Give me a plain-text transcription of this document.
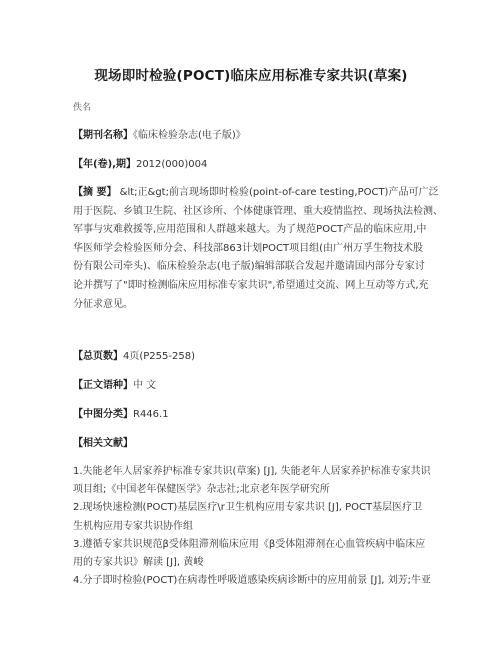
现场即时检验(POCT)临床应用标准专家共识(草案)
佚名
【期刊名称】《临床检验杂志(电子版)》
【年(卷),期】2012(000)004
【摘 要】 &lt;正&gt;前言现场即时检验(point-of-care testing,POCT)产品可广泛
用于医院、乡镇卫生院、社区诊所、个体健康管理、重大疫情监控、现场执法检测、
军事与灾难救援等,应用范围和人群越来越大。为了规范POCT产品的临床应用,中
华医师学会检验医师分会、科技部863计划POCT项目组(由广州万孚生物技术股
份有限公司牵头)、临床检验杂志(电子版)编辑部联合发起并邀请国内部分专家讨
论并撰写了"即时检测临床应用标准专家共识",希望通过交流、网上互动等方式,充
分征求意见。
【总页数】4页(P255-258)
【正文语种】中 文
【中图分类】R446.1
【相关文献】
1.失能老年人居家养护标准专家共识(草案) [J], 失能老年人居家养护标准专家共识
项目组;《中国老年保健医学》杂志社;北京老年医学研究所
2.现场快速检测(POCT)基层医疗\r卫生机构应用专家共识 [J], POCT基层医疗卫
生机构应用专家共识协作组
3.遵循专家共识规范β受体阻滞剂临床应用《β受体阻滞剂在心血管疾病中临床应
用的专家共识》解读 [J], 黄峻
4.分子即时检验(POCT)在病毒性呼吸道感染疾病诊断中的应用前景 [J], 刘芳;牛亚
